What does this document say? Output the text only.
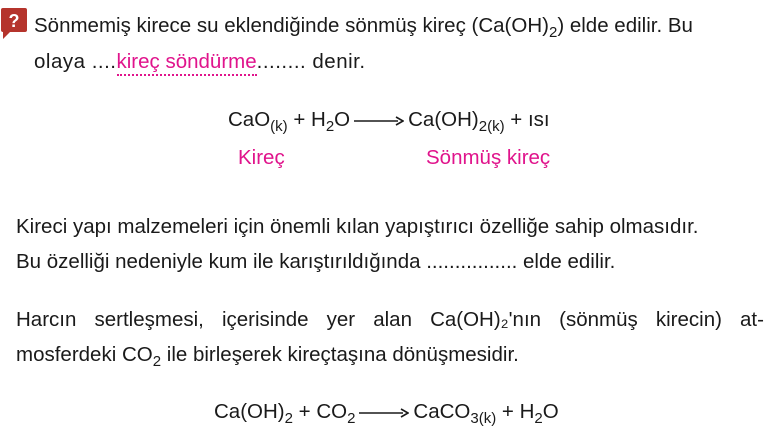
? Sönmemiş kirece su eklendiğinde sönmüş kireç $(Ca(OH)_2)$ elde edilir. Bu
olaya ....kireç söndürme........ denir.
$CaO_{(k)} + H_2O \to Ca(OH)_{2(k)}$ + ısı
Kireç	Sönmüş kireç
Kireci yapı malzemeleri için önemli kılan yapıştırıcı özelliğe sahip olmasıdır.
Bu özelliği nedeniyle kum ile karıştırıldığında ................ elde edilir.
Harcın sertleşmesi, içerisinde yer alan Ca(OH)₂'nın (sönmüş kirecin) at-
mosferdeki $CO_2$ ile birleşerek kireçtaşına dönüşmesidir.
$Ca(OH)_2 + CO_2$ → CaCO$_{3(k)}$ + $H_2O$
